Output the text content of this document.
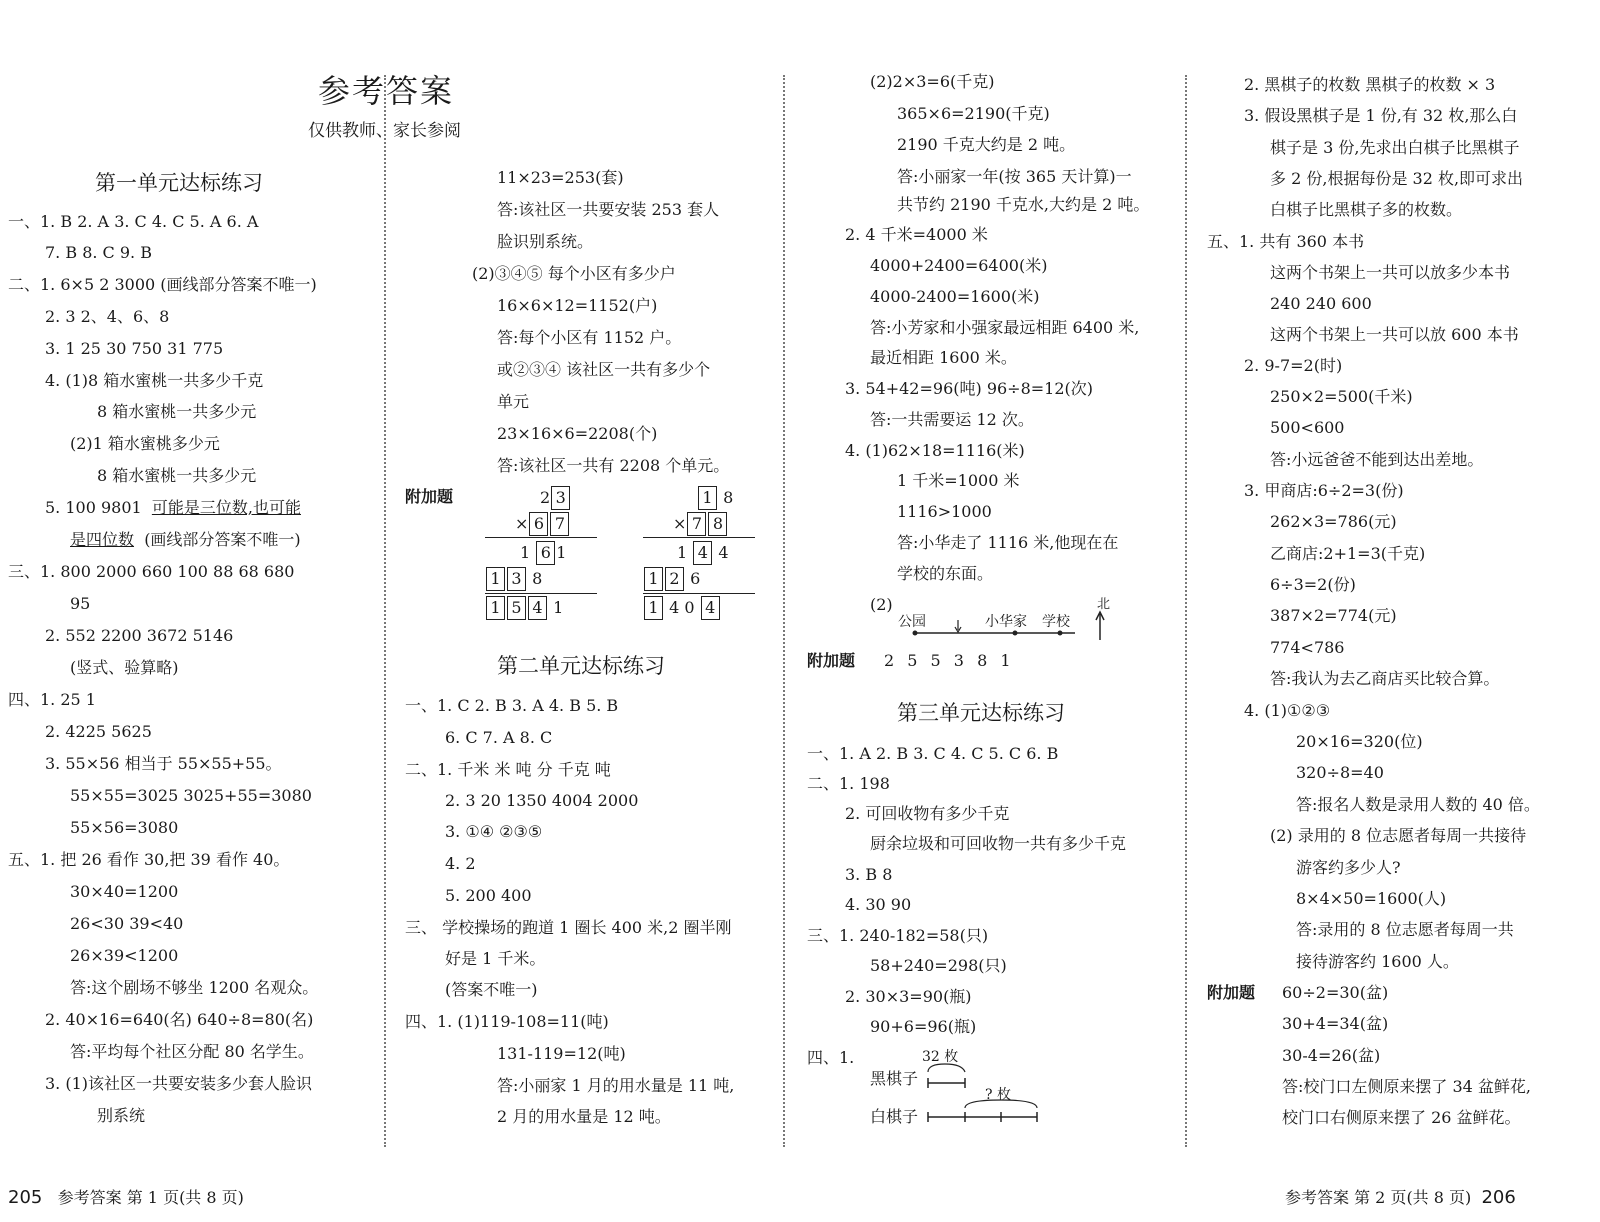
参考答案
仅供教师、家长参阅
第一单元达标练习
一、1. B 2. A 3. C 4. C 5. A 6. A
7. B 8. C 9. B
二、1. 6×5 2 3000 (画线部分答案不唯一)
2. 3 2、4、6、8
3. 1 25 30 750 31 775
4. (1)8 箱水蜜桃一共多少千克
8 箱水蜜桃一共多少元
(2)1 箱水蜜桃多少元
8 箱水蜜桃一共多少元
5. 100 9801 可能是三位数,也可能
是四位数 (画线部分答案不唯一)
三、1. 800 2000 660 100 88 68 680
95
2. 552 2200 3672 5146
(竖式、验算略)
四、1. 25 1
2. 4225 5625
3. 55×56 相当于 55×55+55。
55×55=3025 3025+55=3080
55×56=3080
五、1. 把 26 看作 30,把 39 看作 40。
30×40=1200
26<30 39<40
26×39<1200
答:这个剧场不够坐 1200 名观众。
2. 40×16=640(名) 640÷8=80(名)
答:平均每个社区分配 80 名学生。
3. (1)该社区一共要安装多少套人脸识
别系统
11×23=253(套)
答:该社区一共要安装 253 套人
脸识别系统。
(2)③④⑤ 每个小区有多少户
16×6×12=1152(户)
答:每个小区有 1152 户。
或②③④ 该社区一共有多少个
单元
23×16×6=2208(个)
答:该社区一共有 2208 个单元。
附加题	2 3
× 6 7
1 6 1
1 3 8
1 5 4 1
1 8
× 7 8
1 4 4
1 2 6
1 4 0 4
第二单元达标练习
一、1. C 2. B 3. A 4. B 5. B
6. C 7. A 8. C
二、1. 千米 米 吨 分 千克 吨
2. 3 20 1350 4004 2000
3. ①④ ②③⑤
4. 2
5. 200 400
三、 学校操场的跑道 1 圈长 400 米,2 圈半刚
好是 1 千米。
(答案不唯一)
四、1. (1)119-108=11(吨)
131-119=12(吨)
答:小丽家 1 月的用水量是 11 吨,
2 月的用水量是 12 吨。
(2)2×3=6(千克)
365×6=2190(千克)
2190 千克大约是 2 吨。
答:小丽家一年(按 365 天计算)一
共节约 2190 千克水,大约是 2 吨。
2. 4 千米=4000 米
4000+2400=6400(米)
4000-2400=1600(米)
答:小芳家和小强家最远相距 6400 米,
最近相距 1600 米。
3. 54+42=96(吨) 96÷8=12(次)
答:一共需要运 12 次。
4. (1)62×18=1116(米)
1 千米=1000 米
1116>1000
答:小华走了 1116 米,他现在在
学校的东面。
(2)
公园	小华家 学校
北
附加题 2 5 5 3 8 1
第三单元达标练习
一、1. A 2. B 3. C 4. C 5. C 6. B
二、1. 198
2. 可回收物有多少千克
厨余垃圾和可回收物一共有多少千克
3. B 8
4. 30 90
三、1. 240-182=58(只)
58+240=298(只)
2. 30×3=90(瓶)
90+6=96(瓶)
四、1.	32 枚
黑棋子
? 枚
白棋子
2. 黑棋子的枚数 黑棋子的枚数 × 3
3. 假设黑棋子是 1 份,有 32 枚,那么白
棋子是 3 份,先求出白棋子比黑棋子
多 2 份,根据每份是 32 枚,即可求出
白棋子比黑棋子多的枚数。
五、1. 共有 360 本书
这两个书架上一共可以放多少本书
240 240 600
这两个书架上一共可以放 600 本书
2. 9-7=2(时)
250×2=500(千米)
500<600
答:小远爸爸不能到达出差地。
3. 甲商店:6÷2=3(份)
262×3=786(元)
乙商店:2+1=3(千克)
6÷3=2(份)
387×2=774(元)
774<786
答:我认为去乙商店买比较合算。
4. (1)①②③
20×16=320(位)
320÷8=40
答:报名人数是录用人数的 40 倍。
(2) 录用的 8 位志愿者每周一共接待
游客约多少人?
8×4×50=1600(人)
答:录用的 8 位志愿者每周一共
接待游客约 1600 人。
附加题 60÷2=30(盆)
30+4=34(盆)
30-4=26(盆)
答:校门口左侧原来摆了 34 盆鲜花,
校门口右侧原来摆了 26 盆鲜花。
205 参考答案 第 1 页(共 8 页)	参考答案 第 2 页(共 8 页) 206
